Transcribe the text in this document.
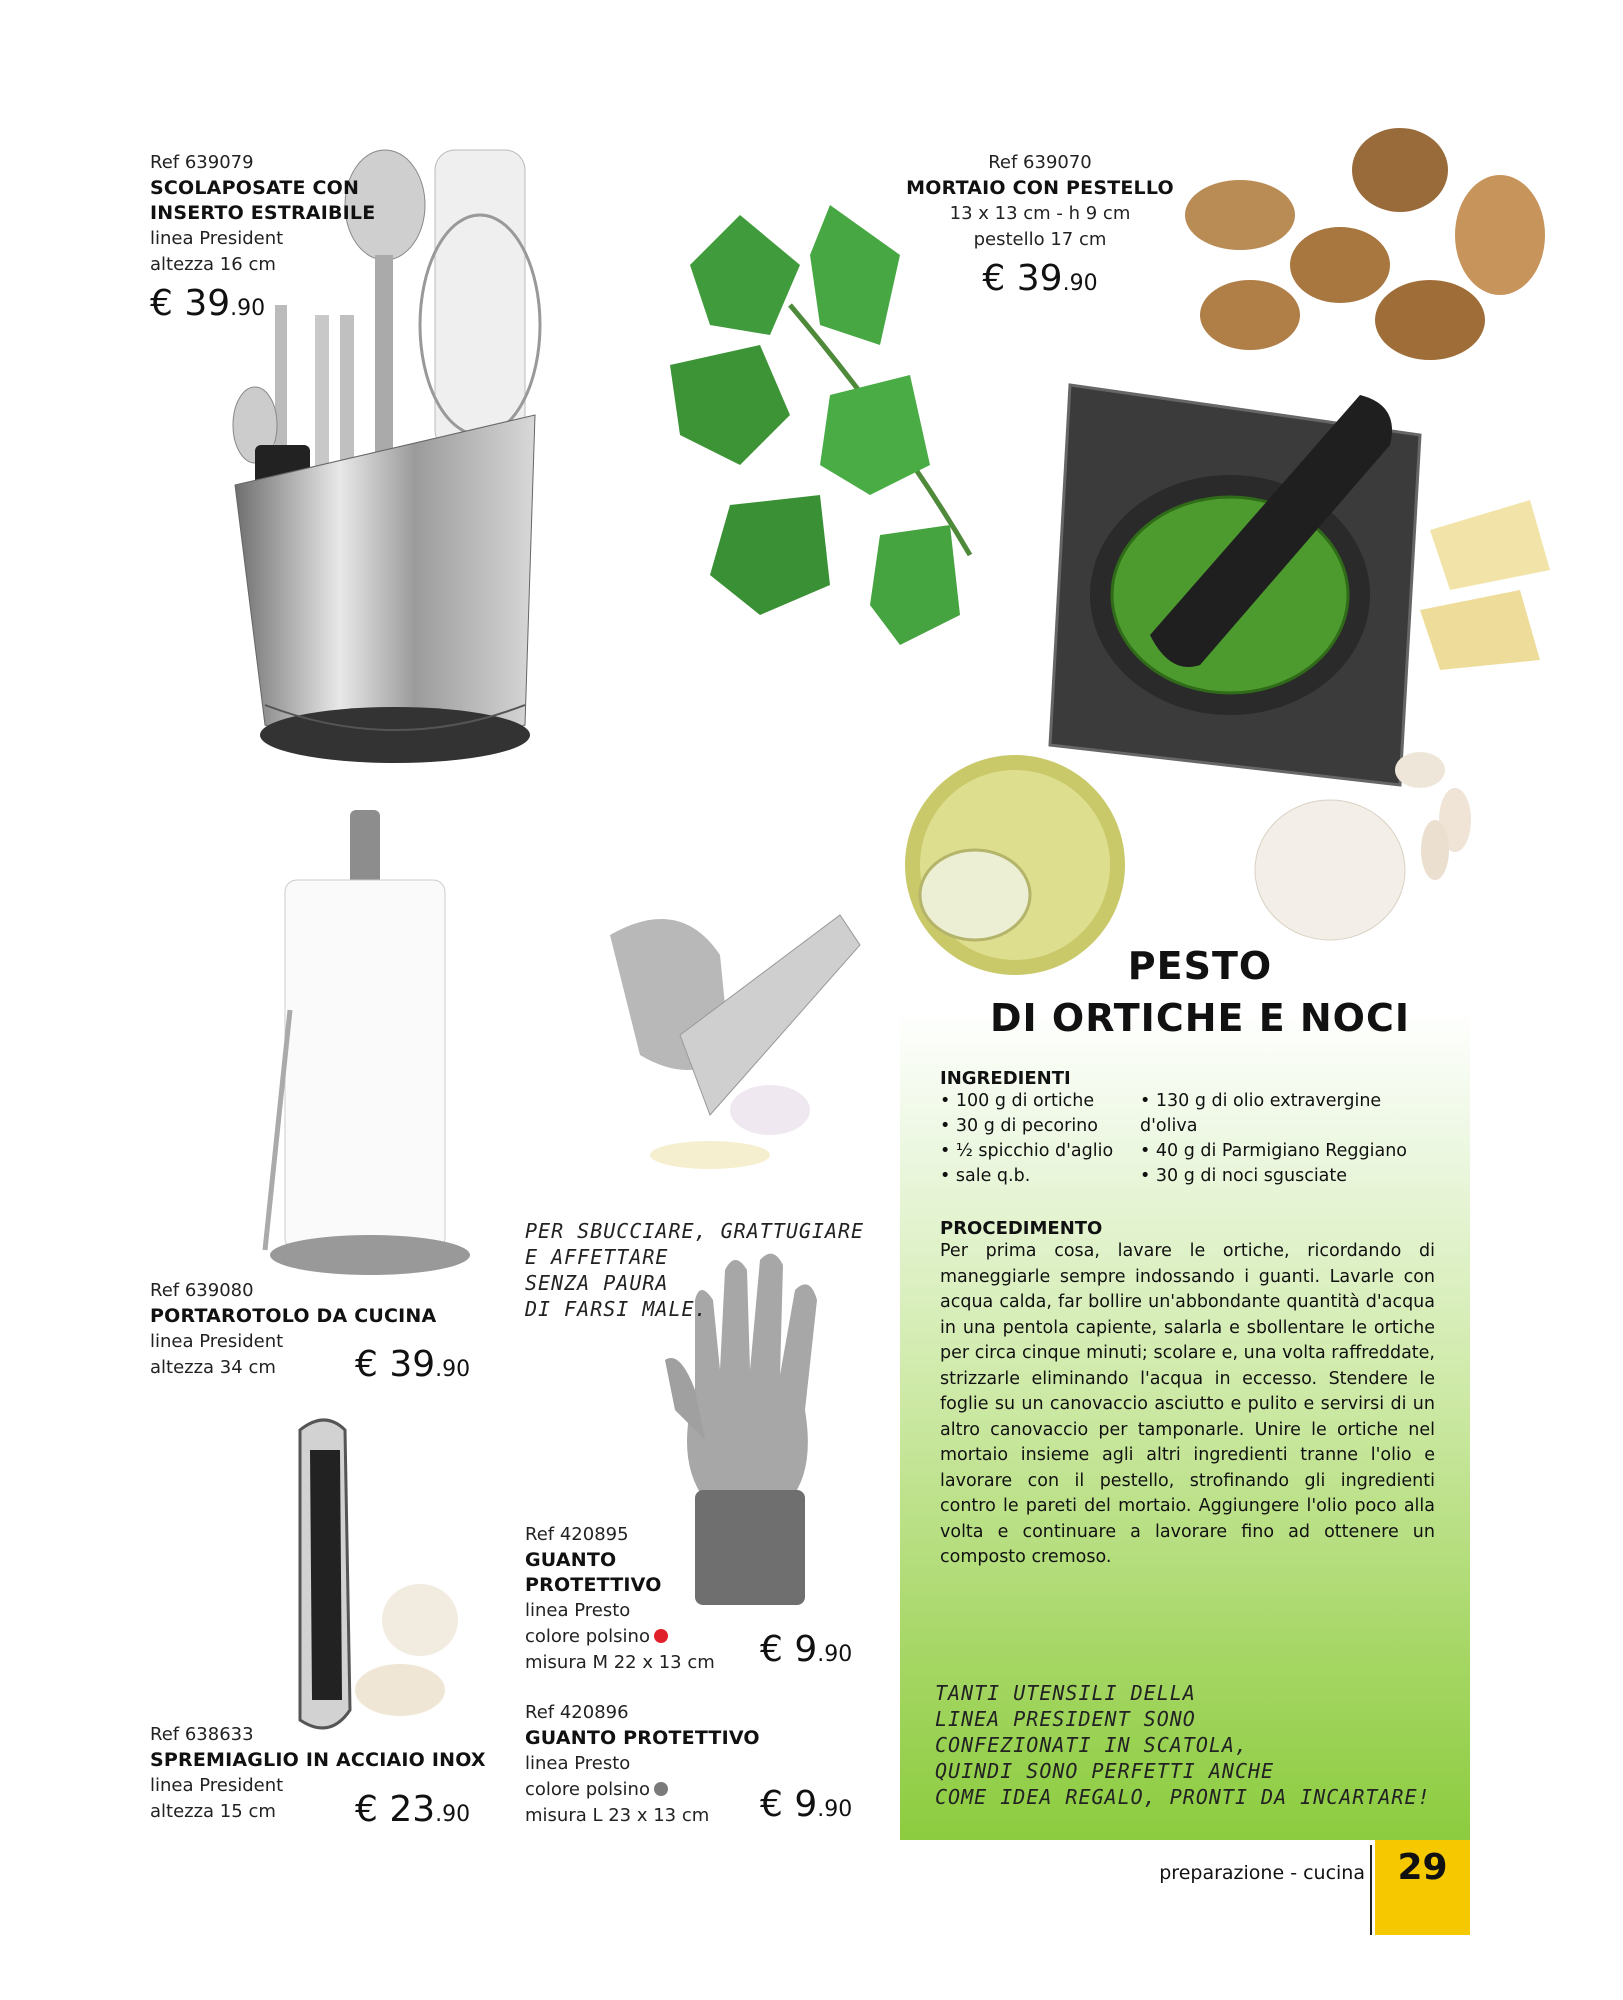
Ref 639079
SCOLAPOSATE CON
INSERTO ESTRAIBILE
linea President
altezza 16 cm
€ 39.90
Ref 639070
MORTAIO CON PESTELLO
13 x 13 cm - h 9 cm
pestello 17 cm
€ 39.90
Ref 639080
PORTAROTOLO DA CUCINA
linea President
altezza 34 cm	€ 39.90
Ref 638633
SPREMIAGLIO IN ACCIAIO INOX
linea President
altezza 15 cm	€ 23.90
PER SBUCCIARE, GRATTUGIARE
E AFFETTARE
SENZA PAURA
DI FARSI MALE.
Ref 420895
GUANTO
PROTETTIVO
linea Presto
colore polsino
misura M 22 x 13 cm	€ 9.90
Ref 420896
GUANTO PROTETTIVO
linea Presto
colore polsino
misura L 23 x 13 cm	€ 9.90
PESTO
DI ORTICHE E NOCI
INGREDIENTI
• 100 g di ortiche
• 30 g di pecorino
• ½ spicchio d'aglio
• sale q.b.
• 130 g di olio extravergine d'oliva
• 40 g di Parmigiano Reggiano
• 30 g di noci sgusciate
PROCEDIMENTO
Per prima cosa, lavare le ortiche, ricordando di maneggiarle sempre indossando i guanti. Lavarle con acqua calda, far bollire un'abbondante quantità d'acqua in una pentola capiente, salarla e sbollentare le ortiche per circa cinque minuti; scolare e, una volta raffreddate, strizzarle eliminando l'acqua in eccesso. Stendere le foglie su un canovaccio asciutto e pulito e servirsi di un altro canovaccio per tamponarle. Unire le ortiche nel mortaio insieme agli altri ingredienti tranne l'olio e lavorare con il pestello, strofinando gli ingredienti contro le pareti del mortaio. Aggiungere l'olio poco alla volta e continuare a lavorare fino ad ottenere un composto cremoso.
TANTI UTENSILI DELLA
LINEA PRESIDENT SONO
CONFEZIONATI IN SCATOLA,
QUINDI SONO PERFETTI ANCHE
COME IDEA REGALO, PRONTI DA INCARTARE!
preparazione - cucina 29
